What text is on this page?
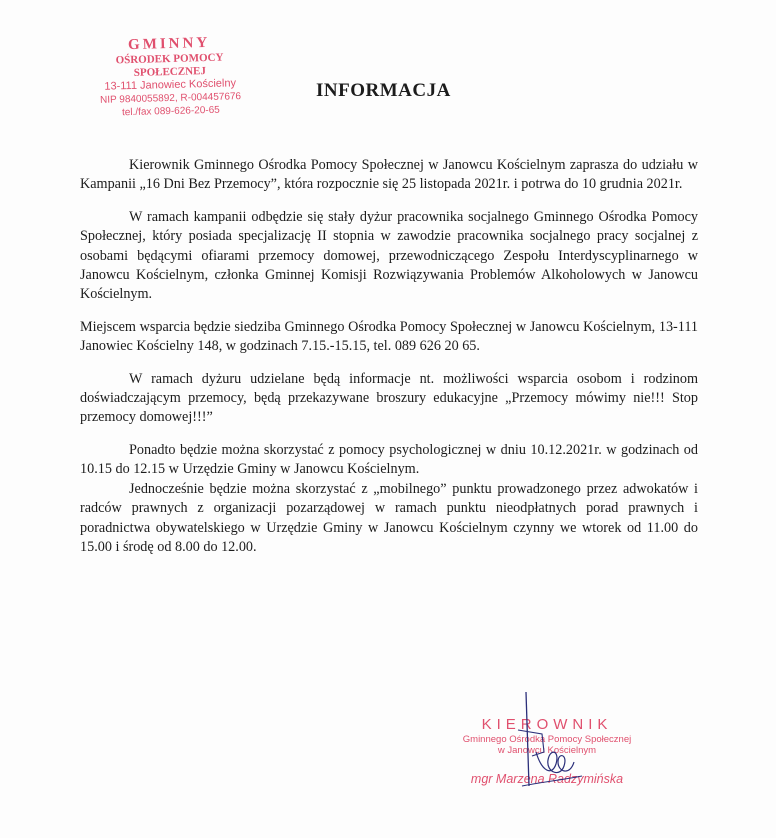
GMINNY
OŚRODEK POMOCY SPOŁECZNEJ
13-111 Janowiec Kościelny
NIP 9840055892, R-004457676
tel./fax 089-626-20-65
INFORMACJA

Kierownik Gminnego Ośrodka Pomocy Społecznej w Janowcu Kościelnym zaprasza do udziału w Kampanii „16 Dni Bez Przemocy”, która rozpocznie się 25 listopada 2021r. i potrwa do 10 grudnia 2021r.

W ramach kampanii odbędzie się stały dyżur pracownika socjalnego Gminnego Ośrodka Pomocy Społecznej, który posiada specjalizację II stopnia w zawodzie pracownika socjalnego pracy socjalnej z osobami będącymi ofiarami przemocy domowej, przewodniczącego Zespołu Interdyscyplinarnego w Janowcu Kościelnym, członka Gminnej Komisji Rozwiązywania Problemów Alkoholowych w Janowcu Kościelnym.

Miejscem wsparcia będzie siedziba Gminnego Ośrodka Pomocy Społecznej w Janowcu Kościelnym, 13-111 Janowiec Kościelny 148, w godzinach 7.15.-15.15, tel. 089 626 20 65.

W ramach dyżuru udzielane będą informacje nt. możliwości wsparcia osobom i rodzinom doświadczającym przemocy, będą przekazywane broszury edukacyjne „Przemocy mówimy nie!!! Stop przemocy domowej!!!”

Ponadto będzie można skorzystać z pomocy psychologicznej w dniu 10.12.2021r. w godzinach od 10.15 do 12.15 w Urzędzie Gminy w Janowcu Kościelnym.

Jednocześnie będzie można skorzystać z „mobilnego” punktu prowadzonego przez adwokatów i radców prawnych z organizacji pozarządowej w ramach punktu nieodpłatnych porad prawnych i poradnictwa obywatelskiego w Urzędzie Gminy w Janowcu Kościelnym czynny we wtorek od 11.00 do 15.00 i środę od 8.00 do 12.00.

KIEROWNIK
Gminnego Ośrodka Pomocy Społecznej
w Janowcu Kościelnym
mgr Marzena Radzymińska
